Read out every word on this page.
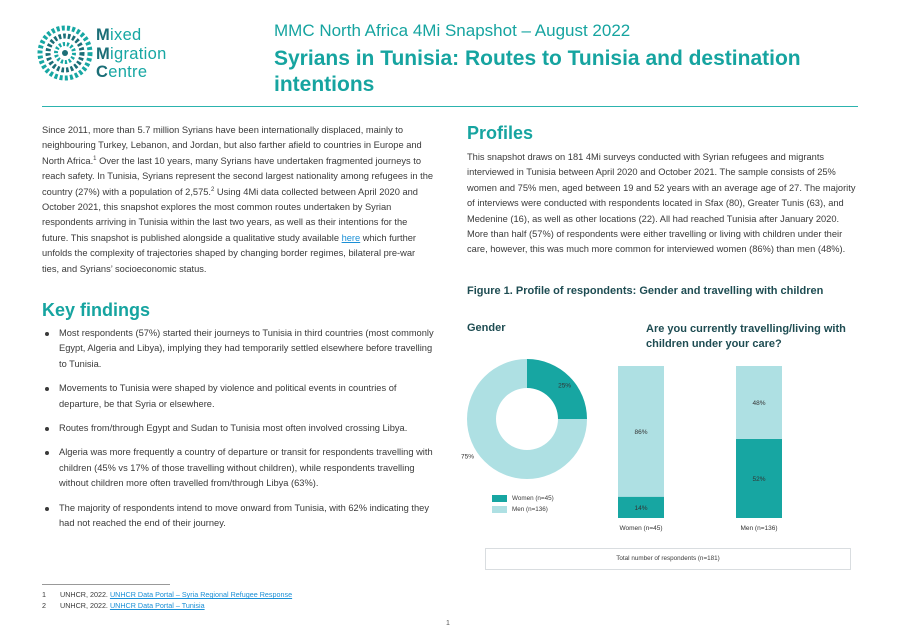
Mixed
Migration
Centre
MMC North Africa 4Mi Snapshot – August 2022
Syrians in Tunisia: Routes to Tunisia and destination intentions

Since 2011, more than 5.7 million Syrians have been internationally displaced, mainly to neighbouring Turkey, Lebanon, and Jordan, but also farther afield to countries in Europe and North Africa.$^1$ Over the last 10 years, many Syrians have undertaken fragmented journeys to reach safety. In Tunisia, Syrians represent the second largest nationality among refugees in the country (27%) with a population of 2,575.$^2$ Using 4Mi data collected between April 2020 and October 2021, this snapshot explores the most common routes undertaken by Syrian respondents arriving in Tunisia within the last two years, as well as their intentions for the future. This snapshot is published alongside a qualitative study available here which further unfolds the complexity of trajectories shaped by changing border regimes, bilateral pre-war ties, and Syrians’ socioeconomic status.

Key findings
Most respondents (57%) started their journeys to Tunisia in third countries (most commonly Egypt, Algeria and Libya), implying they had temporarily settled elsewhere before travelling to Tunisia.
Movements to Tunisia were shaped by violence and political events in countries of departure, be that Syria or elsewhere.
Routes from/through Egypt and Sudan to Tunisia most often involved crossing Libya.
Algeria was more frequently a country of departure or transit for respondents travelling with children (45% vs 17% of those travelling without children), while respondents travelling without children more often travelled from/through Libya (63%).
The majority of respondents intend to move onward from Tunisia, with 62% indicating they had not reached the end of their journey.
1 UNHCR, 2022. UNHCR Data Portal – Syria Regional Refugee Response
2 UNHCR, 2022. UNHCR Data Portal – Tunisia
1
Profiles

This snapshot draws on 181 4Mi surveys conducted with Syrian refugees and migrants interviewed in Tunisia between April 2020 and October 2021. The sample consists of 25% women and 75% men, aged between 19 and 52 years with an average age of 27. The majority of interviews were conducted with respondents located in Sfax (80), Greater Tunis (63), and Medenine (16), as well as other locations (22). All had reached Tunisia after January 2020. More than half (57%) of respondents were either travelling or living with children under their care, however, this was much more common for interviewed women (86%) than men (48%).

Figure 1. Profile of respondents: Gender and travelling with children
Gender	Are you currently travelling/living with children under your care?
25%
75%
14%
86%
Women (n=45)
52%
48%
Men (n=136)
Women (n=45)
Men (n=136)
Total number of respondents (n=181)
